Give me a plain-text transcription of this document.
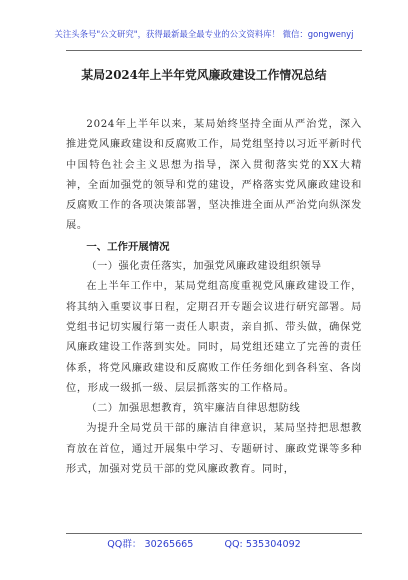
关注头条号"公文研究"，获得最新最全最专业的公文资料库！ 微信：gongwenyj
某局2024年上半年党风廉政建设工作情况总结

2024年上半年以来，某局始终坚持全面从严治党，深入推进党风廉政建设和反腐败工作，局党组坚持以习近平新时代中国特色社会主义思想为指导，深入贯彻落实党的XX大精神，全面加强党的领导和党的建设，严格落实党风廉政建设和反腐败工作的各项决策部署，坚决推进全面从严治党向纵深发展。

一、工作开展情况

（一）强化责任落实，加强党风廉政建设组织领导

在上半年工作中，某局党组高度重视党风廉政建设工作，将其纳入重要议事日程，定期召开专题会议进行研究部署。局党组书记切实履行第一责任人职责，亲自抓、带头做，确保党风廉政建设工作落到实处。同时，局党组还建立了完善的责任体系，将党风廉政建设和反腐败工作任务细化到各科室、各岗位，形成一级抓一级、层层抓落实的工作格局。

（二）加强思想教育，筑牢廉洁自律思想防线

为提升全局党员干部的廉洁自律意识，某局坚持把思想教育放在首位，通过开展集中学习、专题研讨、廉政党课等多种形式，加强对党员干部的党风廉政教育。同时，

QQ群： 30265665	QQ: 535304092
